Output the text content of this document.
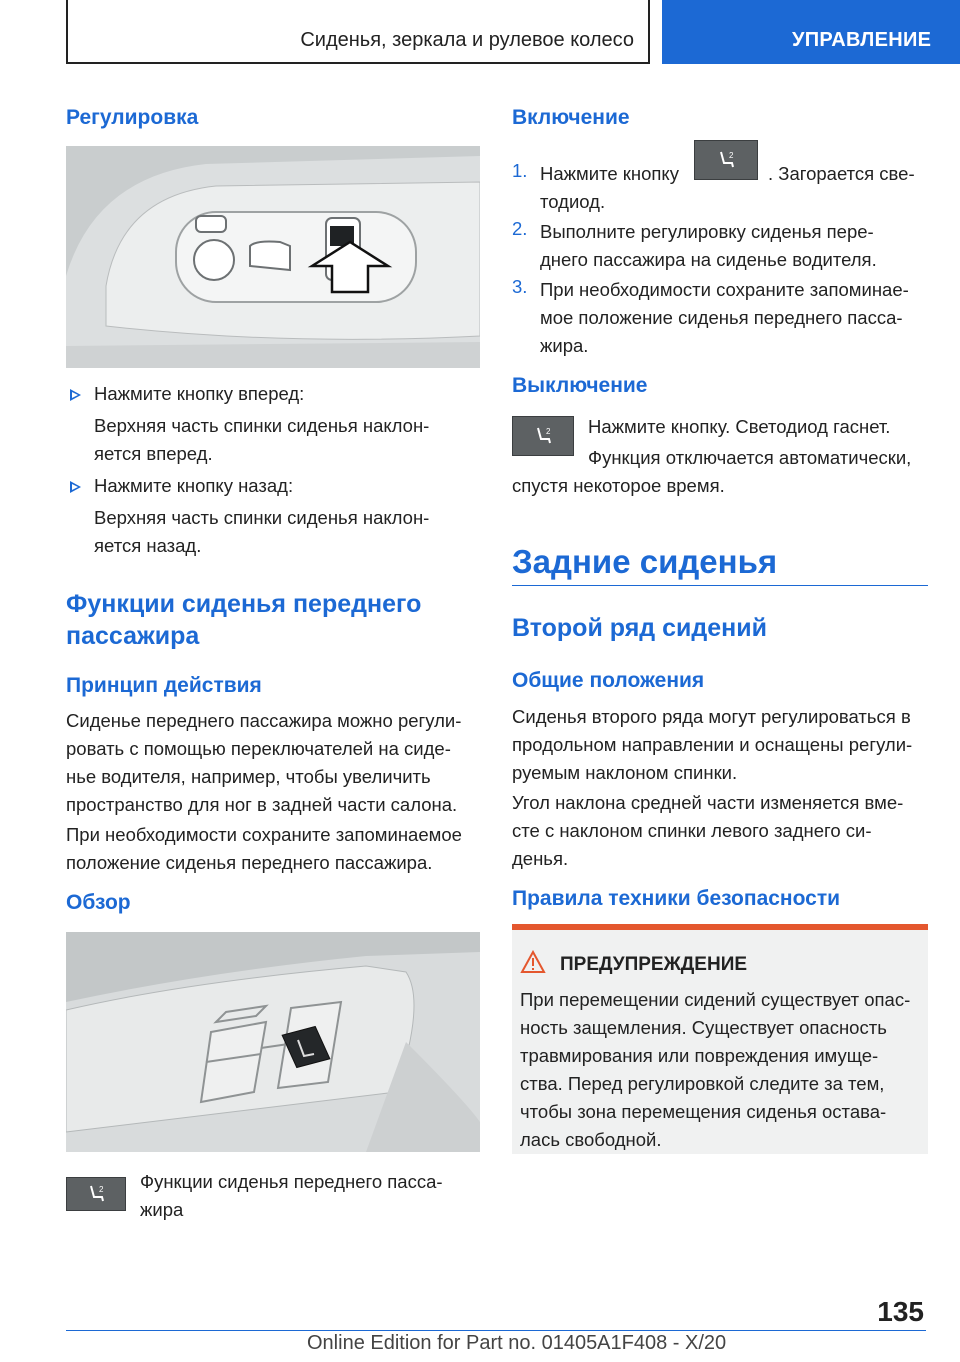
Сиденья, зеркала и рулевое колесо	УПРАВЛЕНИЕ
Регулировка
Нажмите кнопку вперед:
Верхняя часть спинки сиденья наклон-
яется вперед.
Нажмите кнопку назад:
Верхняя часть спинки сиденья наклон-
яется назад.
Функции сиденья переднего
пассажира
Принцип действия
Сиденье переднего пассажира можно регули-
ровать с помощью переключателей на сиде-
нье водителя, например, чтобы увеличить
пространство для ног в задней части салона.
При необходимости сохраните запоминаемое
положение сиденья переднего пассажира.
Обзор
2 Функции сиденья переднего пасса-
жира
Включение
1. Нажмите кнопку
2
. Загорается све-
тодиод.
2. Выполните регулировку сиденья пере-
днего пассажира на сиденье водителя.
3. При необходимости сохраните запоминае-
мое положение сиденья переднего пасса-
жира.
Выключение
2 Нажмите кнопку. Светодиод гаснет.
Функция отключается автоматически,
спустя некоторое время.
Задние сиденья
Второй ряд сидений
Общие положения
Сиденья второго ряда могут регулироваться в
продольном направлении и оснащены регули-
руемым наклоном спинки.
Угол наклона средней части изменяется вме-
сте с наклоном спинки левого заднего си-
денья.
Правила техники безопасности
ПРЕДУПРЕЖДЕНИЕ
При перемещении сидений существует опас-
ность защемления. Существует опасность
травмирования или повреждения имуще-
ства. Перед регулировкой следите за тем,
чтобы зона перемещения сиденья остава-
лась свободной.
135
Online Edition for Part no. 01405A1F408 - X/20
